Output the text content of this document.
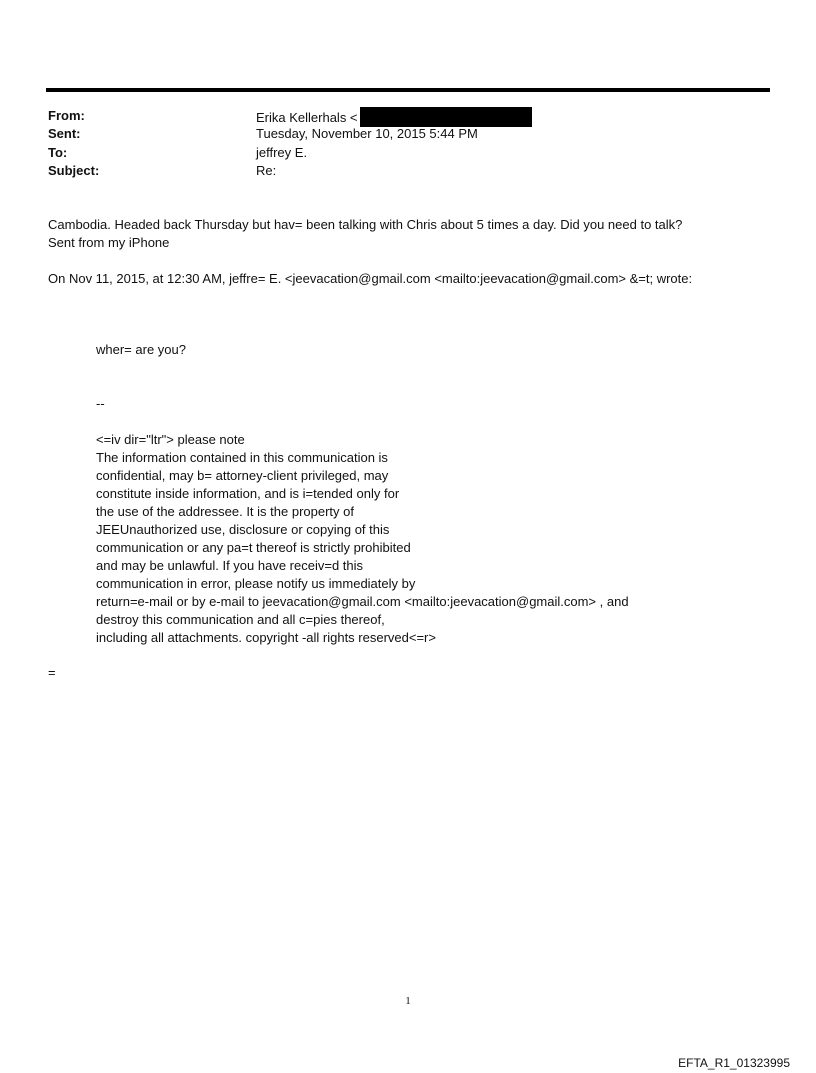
From:	Erika Kellerhals <
Sent:	Tuesday, November 10, 2015 5:44 PM
To:	jeffrey E.
Subject:	Re:
Cambodia. Headed back Thursday but hav= been talking with Chris about 5 times a day. Did you need to talk?
Sent from my iPhone
On Nov 11, 2015, at 12:30 AM, jeffre= E. <jeevacation@gmail.com <mailto:jeevacation@gmail.com> &=t; wrote:
wher= are you?
--
<=iv dir="ltr"> please note
The information contained in this communication is
confidential, may b= attorney-client privileged, may
constitute inside information, and is i=tended only for
the use of the addressee. It is the property of
JEEUnauthorized use, disclosure or copying of this
communication or any pa=t thereof is strictly prohibited
and may be unlawful. If you have receiv=d this
communication in error, please notify us immediately by
return=e-mail or by e-mail to jeevacation@gmail.com <mailto:jeevacation@gmail.com> , and
destroy this communication and all c=pies thereof,
including all attachments. copyright -all rights reserved<=r>
=
1
EFTA_R1_01323995
